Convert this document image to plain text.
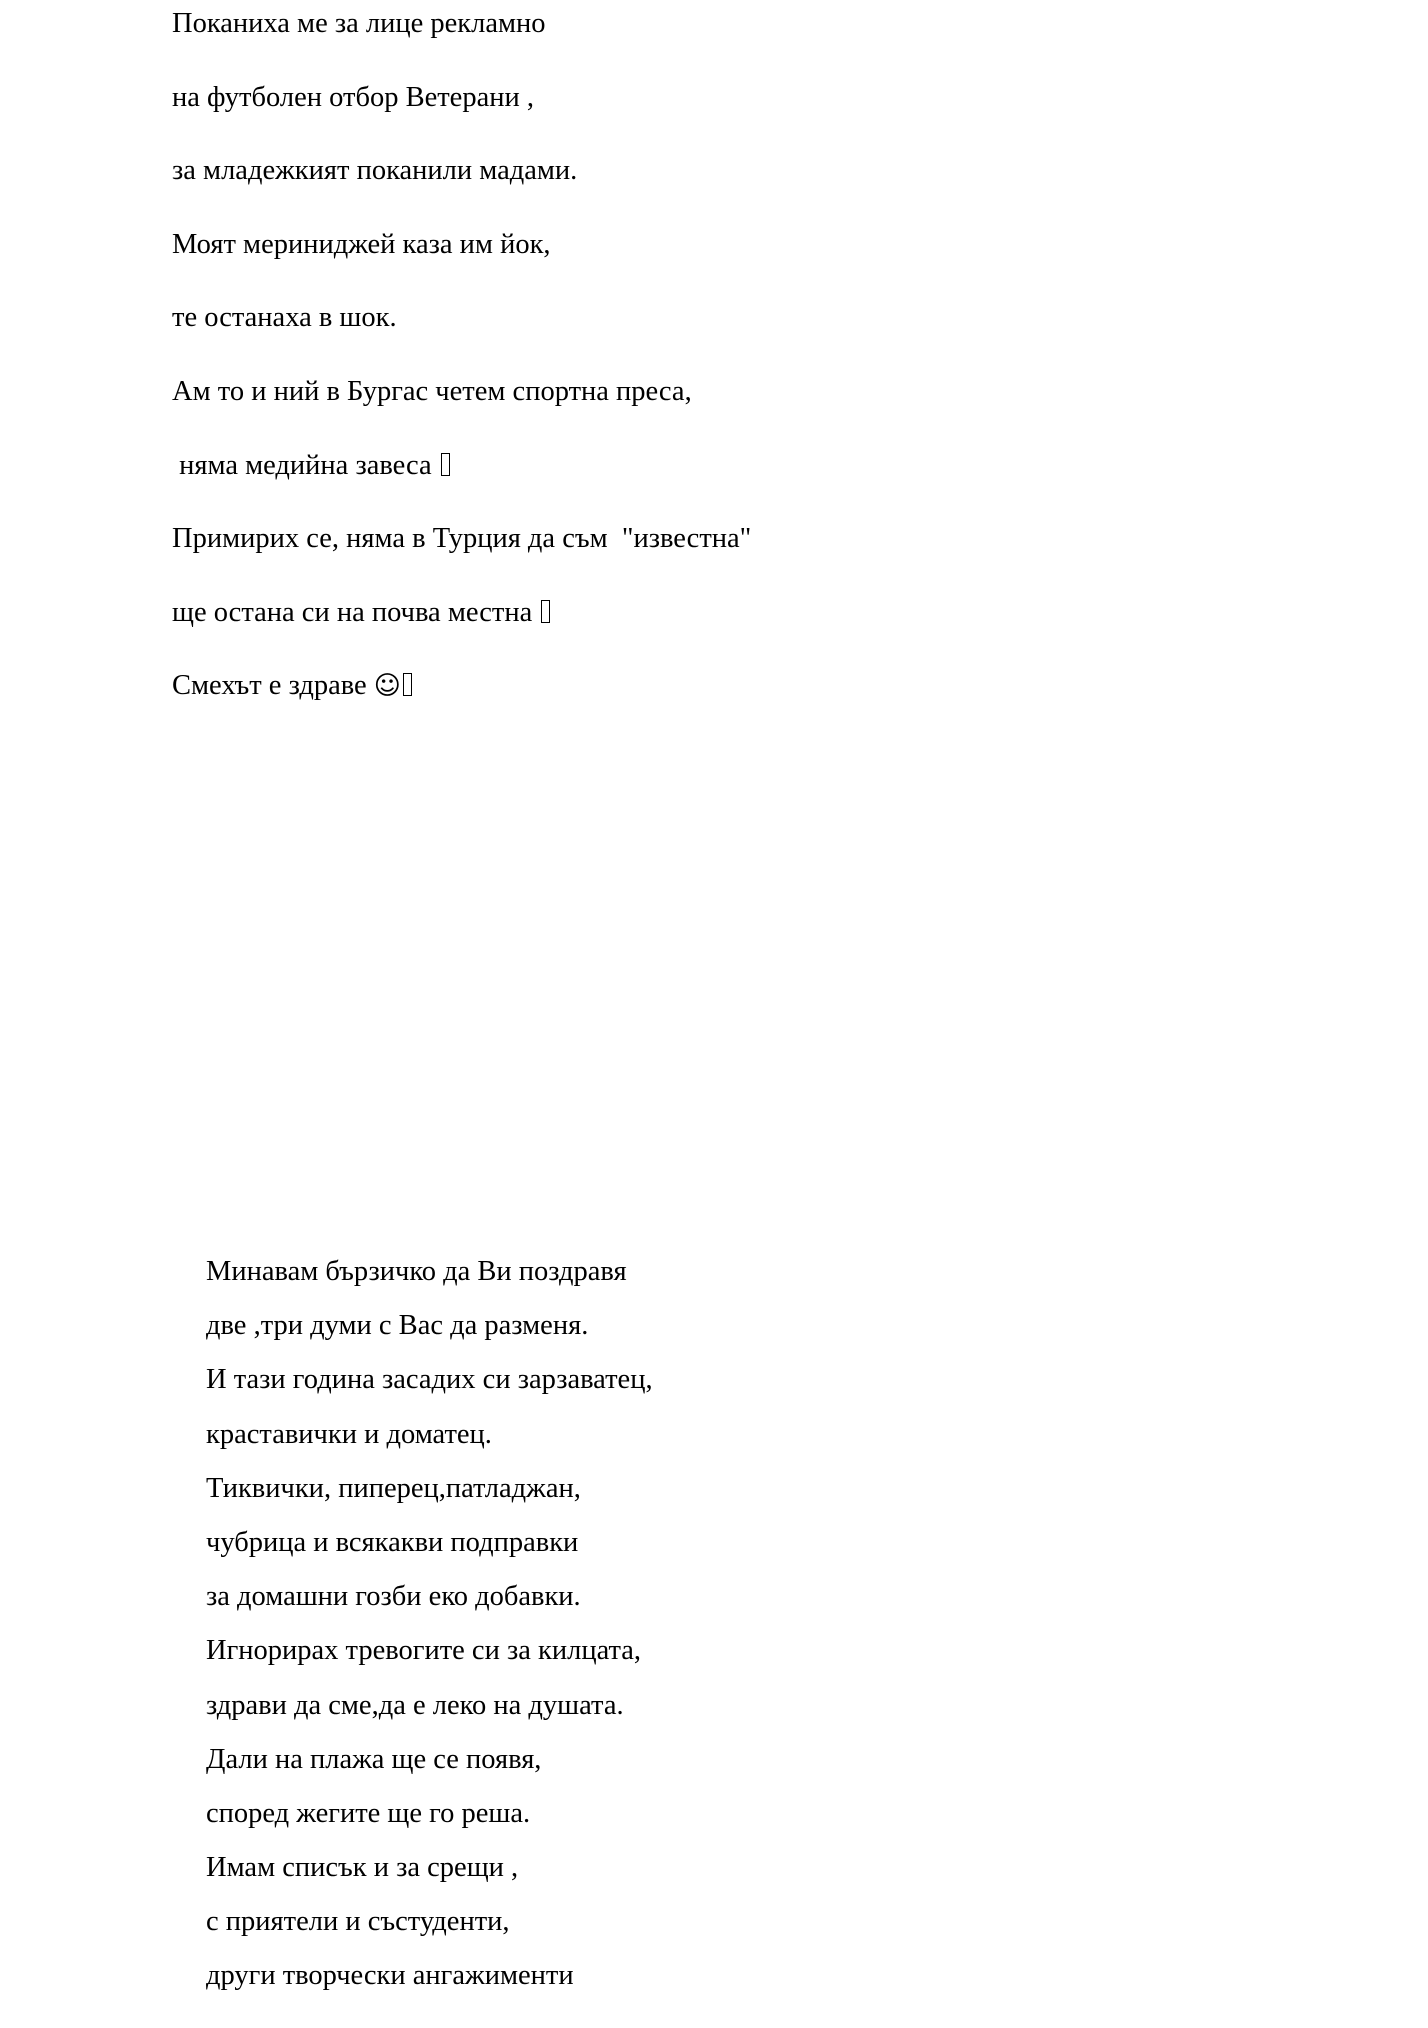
Поканиха ме за лице рекламно
на футболен отбор Ветерани ,
за младежкият поканили мадами.
Моят мериниджей каза им йок,
те останаха в шок.
Ам то и ний в Бургас четем спортна преса,
няма медийна завеса
Примирих се, няма в Турция да съм  "известна"
ще остана си на почва местна
Смехът е здраве ☺
Минавам бързичко да Ви поздравя
две ,три думи с Вас да разменя.
И тази година засадих си зарзаватец,
краставички и доматец.
Тиквички, пиперец,патладжан,
чубрица и всякакви подправки
за домашни гозби еко добавки.
Игнорирах тревогите си за килцата,
здрави да сме,да е леко на душата.
Дали на плажа ще се появя,
според жегите ще го реша.
Имам списък и за срещи ,
с приятели и състуденти,
други творчески ангажименти
